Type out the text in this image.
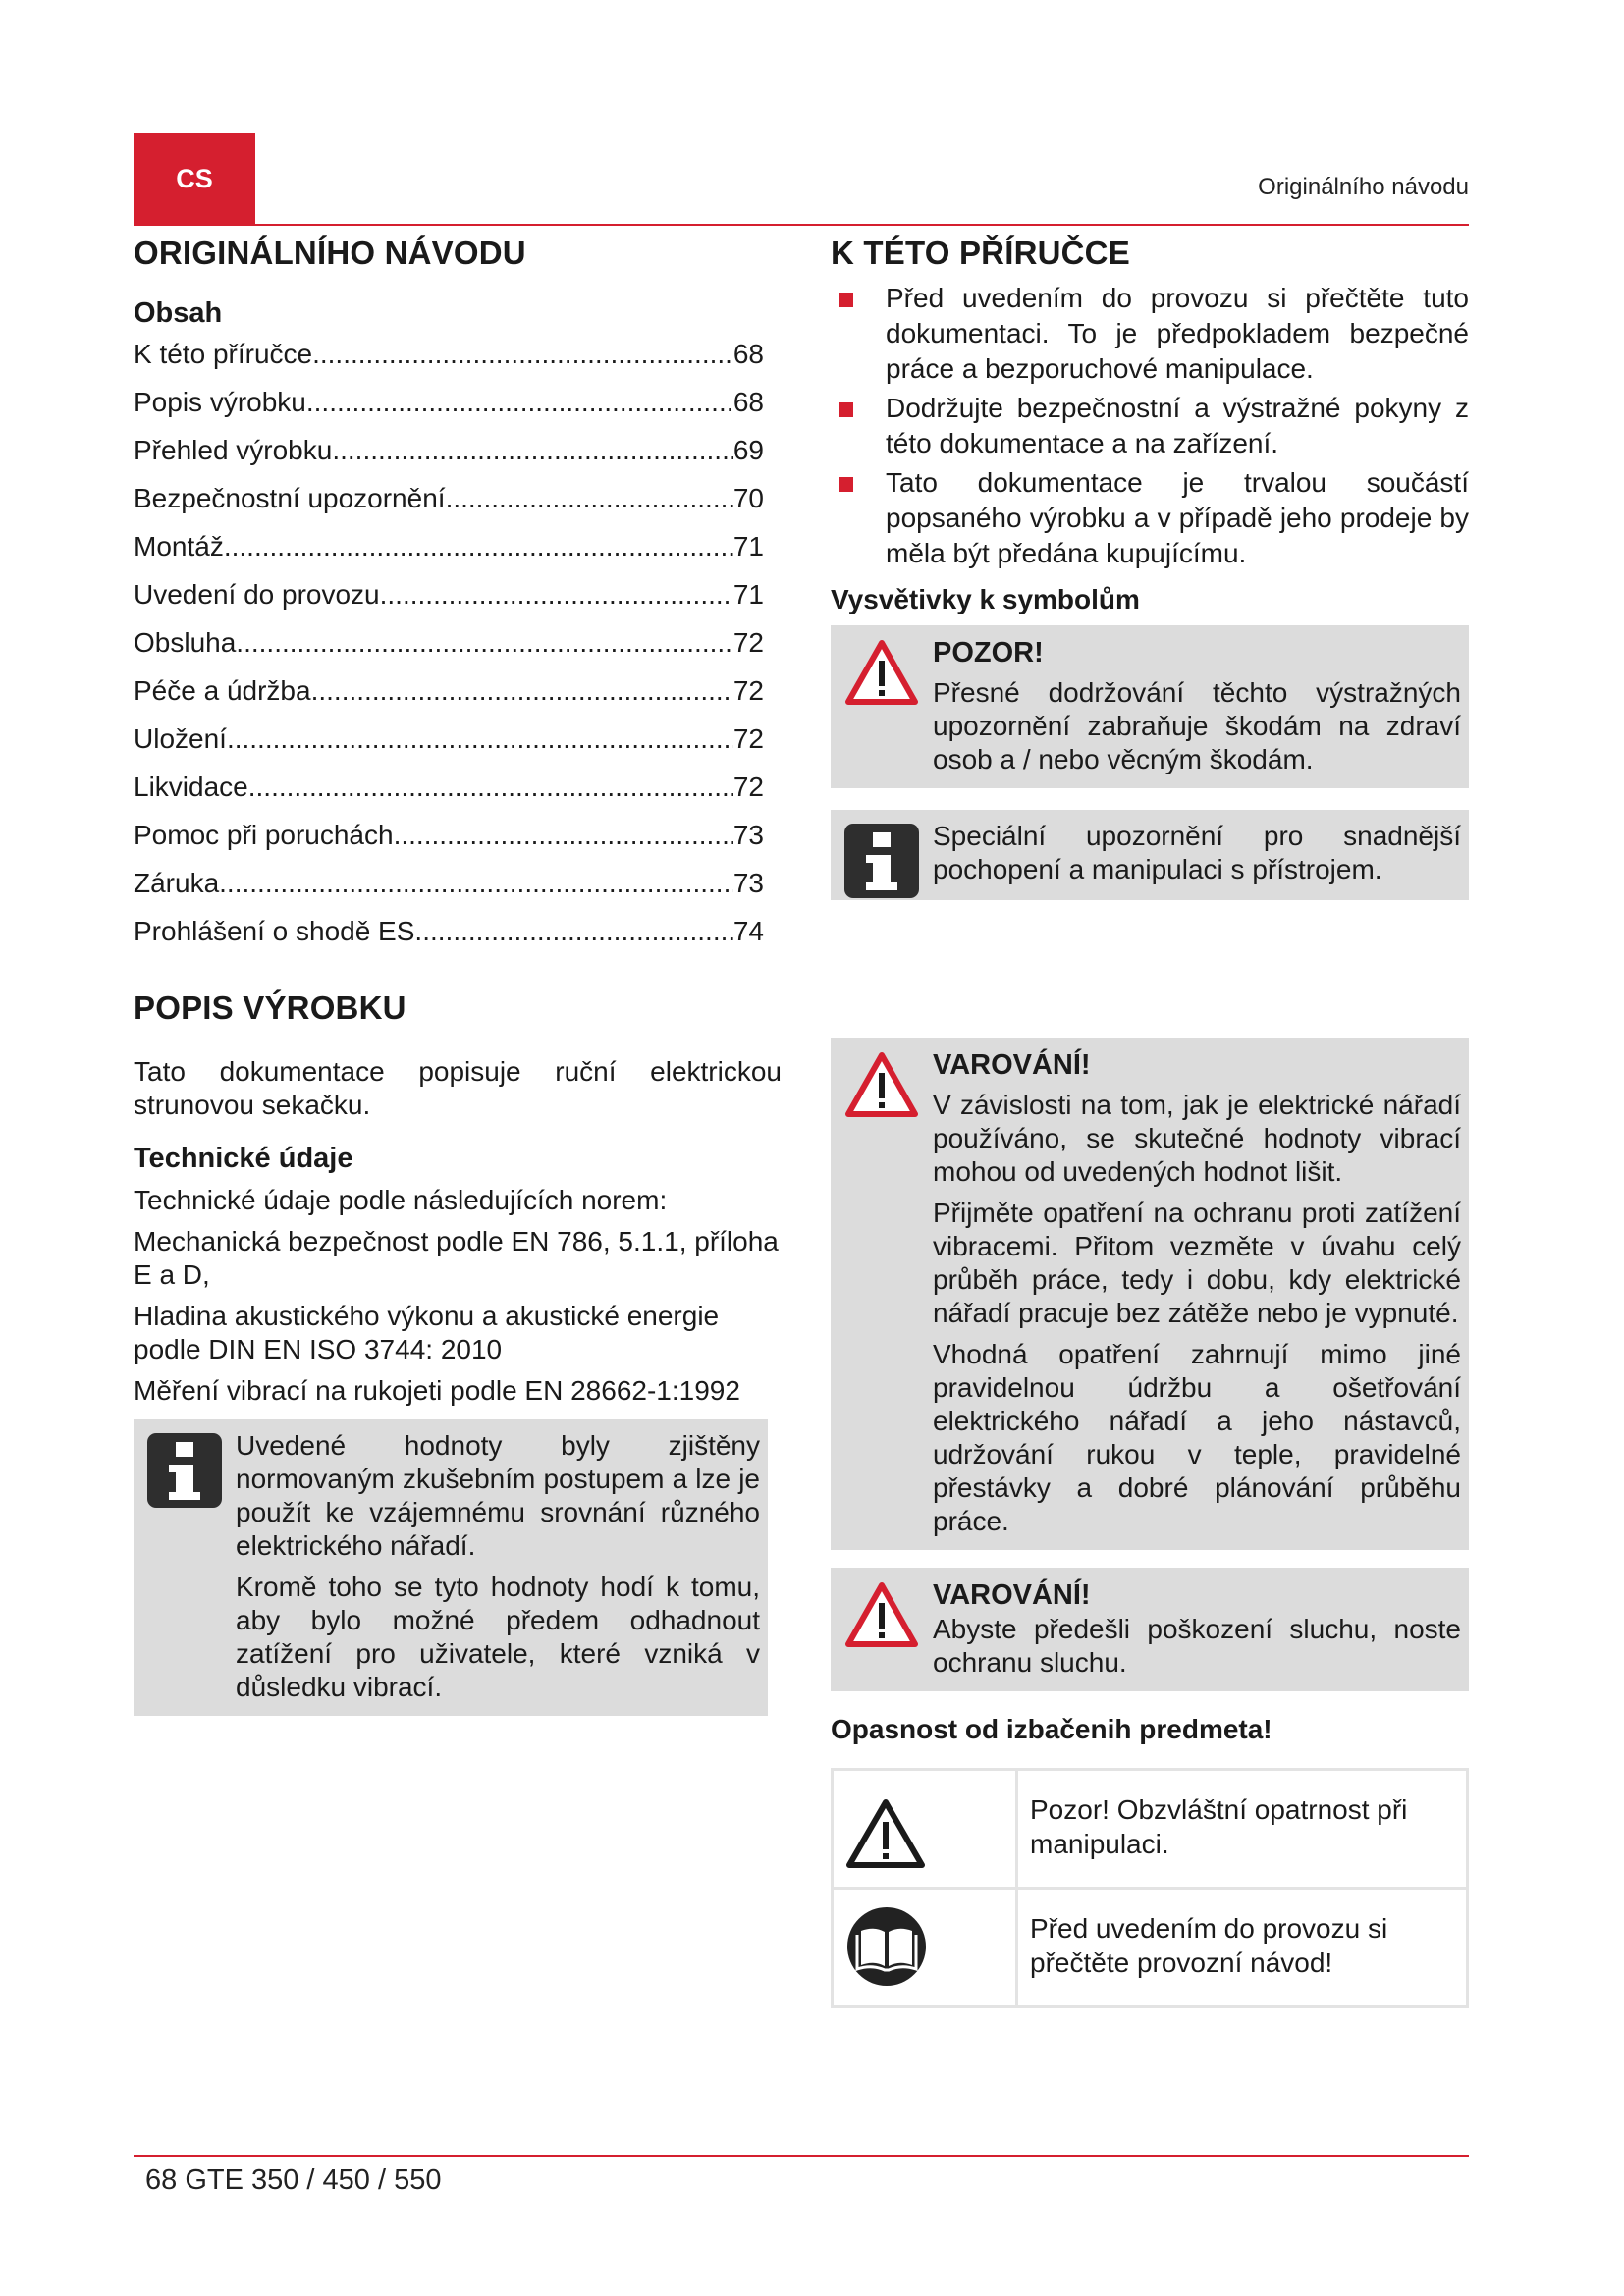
CS	Originálního návodu
ORIGINÁLNÍHO NÁVODU
Obsah
K této příručce .....	68
Popis výrobku .....	68
Přehled výrobku .....	69
Bezpečnostní upozornění .....	70
Montáž .....	71
Uvedení do provozu .....	71
Obsluha .....	72
Péče a údržba .....	72
Uložení .....	72
Likvidace .....	72
Pomoc při poruchách .....	73
Záruka .....	73
Prohlášení o shodě ES .....	74
POPIS VÝROBKU

Tato dokumentace popisuje ruční elektrickou strunovou sekačku.

Technické údaje

Technické údaje podle následujících norem:

Mechanická bezpečnost podle EN 786, 5.1.1, příloha E a D,

Hladina akustického výkonu a akustické energie podle DIN EN ISO 3744: 2010

Měření vibrací na rukojeti podle EN 28662-1:1992

Uvedené hodnoty byly zjištěny normovaným zkušebním postupem a lze je použít ke vzájemnému srovnání různého elektrického nářadí.

Kromě toho se tyto hodnoty hodí k tomu, aby bylo možné předem odhadnout zatížení pro uživatele, které vzniká v důsledku vibrací.

K TÉTO PŘÍRUČCE
Před uvedením do provozu si přečtěte tuto dokumentaci. To je předpokladem bezpečné práce a bezporuchové manipulace.
Dodržujte bezpečnostní a výstražné pokyny z této dokumentace a na zařízení.
Tato dokumentace je trvalou součástí popsaného výrobku a v případě jeho prodeje by měla být předána kupujícímu.
Vysvětivky k symbolům
POZOR!

Přesné dodržování těchto výstražných upozornění zabraňuje škodám na zdraví osob a / nebo věcným škodám.

Speciální upozornění pro snadnější pochopení a manipulaci s přístrojem.

VAROVÁNÍ!

V závislosti na tom, jak je elektrické nářadí používáno, se skutečné hodnoty vibrací mohou od uvedených hodnot lišit.

Přijměte opatření na ochranu proti zatížení vibracemi. Přitom vezměte v úvahu celý průběh práce, tedy i dobu, kdy elektrické nářadí pracuje bez zátěže nebo je vypnuté.

Vhodná opatření zahrnují mimo jiné pravidelnou údržbu a ošetřování elektrického nářadí a jeho nástavců, udržování rukou v teple, pravidelné přestávky a dobré plánování průběhu práce.

VAROVÁNÍ!

Abyste předešli poškození sluchu, noste ochranu sluchu.

Opasnost od izbačenih predmeta!
	Pozor! Obzvláštní opatrnost při manipulaci.

	Před uvedením do provozu si přečtěte provozní návod!
68 GTE 350 / 450 / 550
